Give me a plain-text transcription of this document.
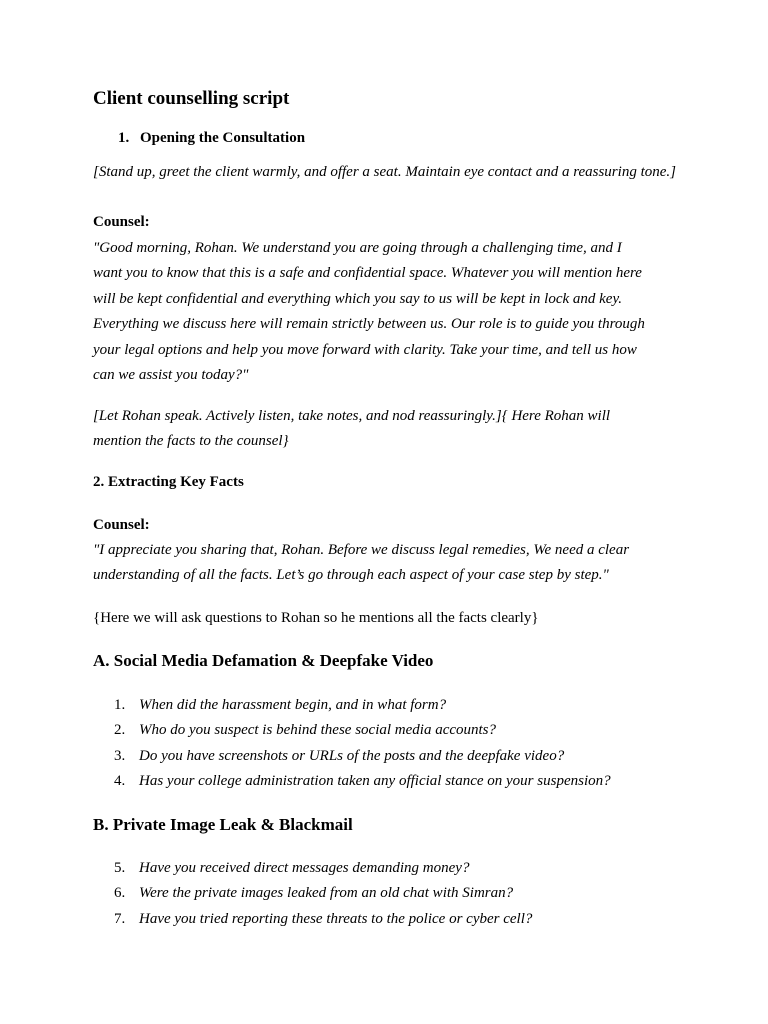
Client counselling script
1. Opening the Consultation

[Stand up, greet the client warmly, and offer a seat. Maintain eye contact and a reassuring tone.]

Counsel:
"Good morning, Rohan. We understand you are going through a challenging time, and I
want you to know that this is a safe and confidential space. Whatever you will mention here
will be kept confidential and everything which you say to us will be kept in lock and key.
Everything we discuss here will remain strictly between us. Our role is to guide you through
your legal options and help you move forward with clarity. Take your time, and tell us how
can we assist you today?"
[Let Rohan speak. Actively listen, take notes, and nod reassuringly.]{ Here Rohan will
mention the facts to the counsel}
2. Extracting Key Facts
Counsel:
"I appreciate you sharing that, Rohan. Before we discuss legal remedies, We need a clear
understanding of all the facts. Let’s go through each aspect of your case step by step."
{Here we will ask questions to Rohan so he mentions all the facts clearly}
A. Social Media Defamation & Deepfake Video
1. When did the harassment begin, and in what form?
2. Who do you suspect is behind these social media accounts?
3. Do you have screenshots or URLs of the posts and the deepfake video?
4. Has your college administration taken any official stance on your suspension?
B. Private Image Leak & Blackmail
5. Have you received direct messages demanding money?
6. Were the private images leaked from an old chat with Simran?
7. Have you tried reporting these threats to the police or cyber cell?
